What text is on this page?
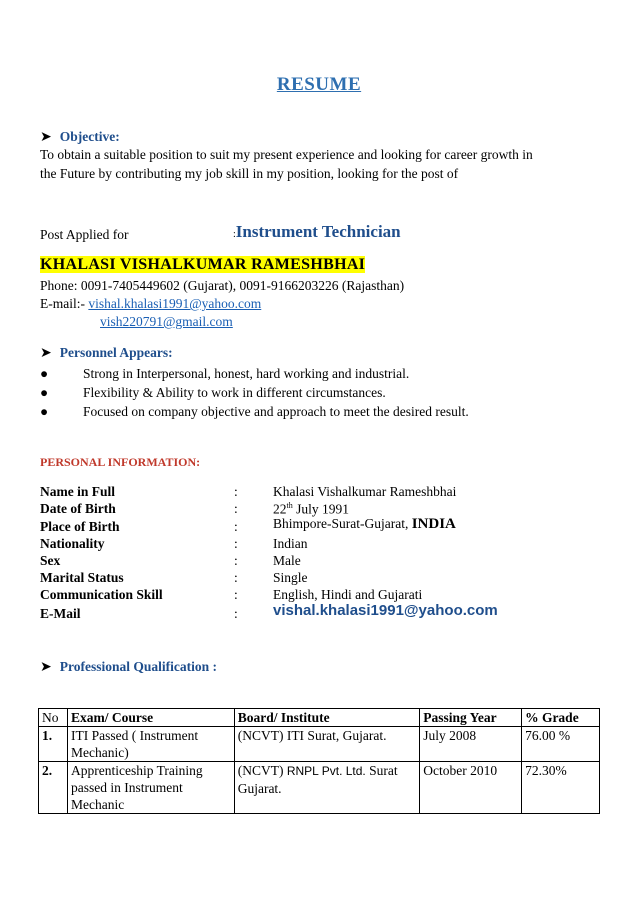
RESUME
➤ Objective:
To obtain a suitable position to suit my present experience and looking for career growth in
the Future by contributing my job skill in my position, looking for the post of
Post Applied for	:Instrument Technician
KHALASI VISHALKUMAR RAMESHBHAI
Phone: 0091-7405449602 (Gujarat), 0091-9166203226 (Rajasthan)
E-mail:- vishal.khalasi1991@yahoo.com
vish220791@gmail.com
➤ Personnel Appears:
●	Strong in Interpersonal, honest, hard working and industrial.
●	Flexibility & Ability to work in different circumstances.
●	Focused on company objective and approach to meet the desired result.
PERSONAL INFORMATION:
Name in Full	:	Khalasi Vishalkumar Rameshbhai
Date of Birth	:	22th July 1991
Place of Birth	:	Bhimpore-Surat-Gujarat, INDIA
Nationality	:	Indian
Sex	:	Male
Marital Status	:	Single
Communication Skill	:	English, Hindi and Gujarati
E-Mail	: vishal.khalasi1991@yahoo.com
➤ Professional Qualification :
No	Exam/ Course	Board/ Institute	Passing Year	% Grade
1.	ITI Passed ( Instrument Mechanic)	(NCVT) ITI Surat, Gujarat.	July 2008	76.00 %
2.	Apprenticeship Training passed in Instrument Mechanic	(NCVT) RNPL Pvt. Ltd. Surat Gujarat.	October 2010	72.30%
